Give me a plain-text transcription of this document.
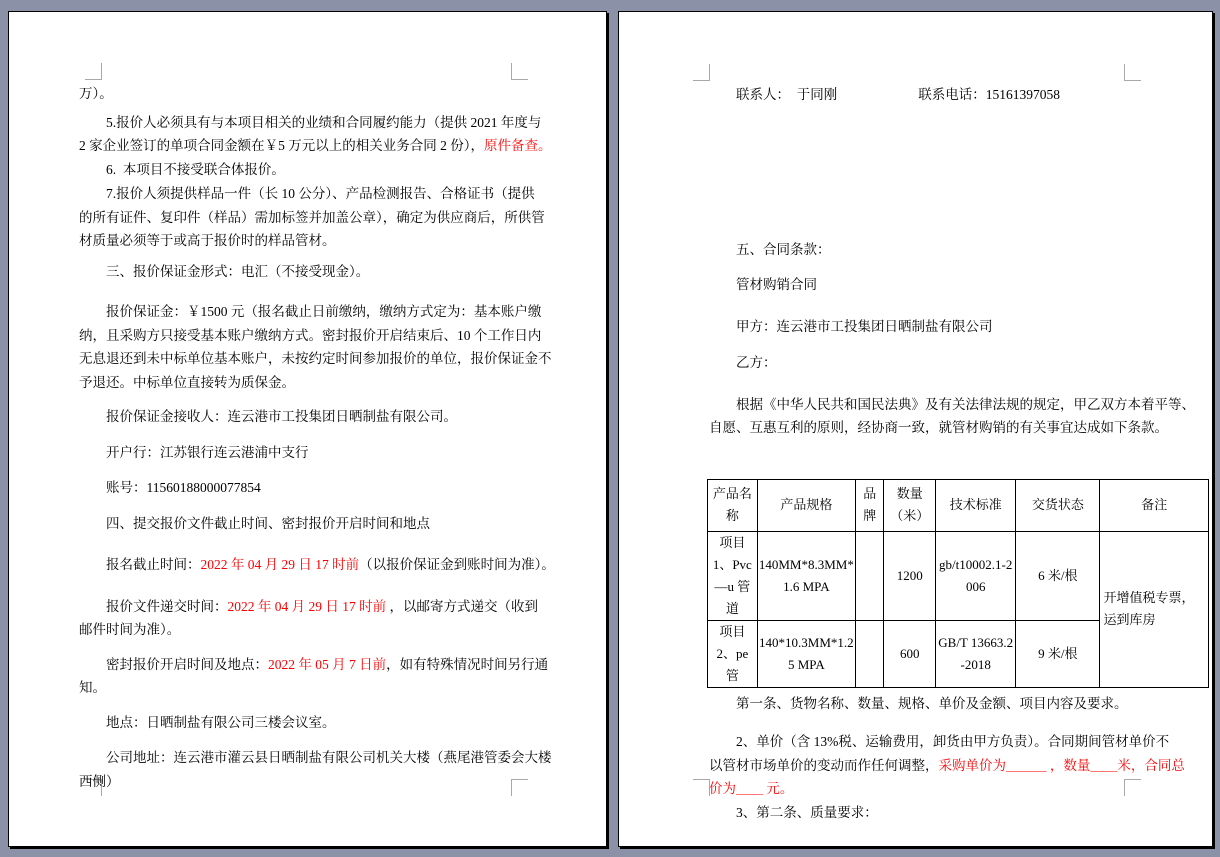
万）。
　　5.报价人必须具有与本项目相关的业绩和合同履约能力（提供 2021 年度与
2 家企业签订的单项合同金额在￥5 万元以上的相关业务合同 2 份），原件备查。
　　6.  本项目不接受联合体报价。
　　7.报价人须提供样品一件（长 10 公分）、产品检测报告、合格证书（提供
的所有证件、复印件（样品）需加标签并加盖公章），确定为供应商后，所供管
材质量必须等于或高于报价时的样品管材。
　　三、报价保证金形式：电汇（不接受现金）。
　　报价保证金：￥1500 元（报名截止日前缴纳，缴纳方式定为：基本账户缴
纳，且采购方只接受基本账户缴纳方式。密封报价开启结束后、10 个工作日内
无息退还到未中标单位基本账户，未按约定时间参加报价的单位，报价保证金不
予退还。中标单位直接转为质保金。
　　报价保证金接收人：连云港市工投集团日晒制盐有限公司。
　　开户行：江苏银行连云港浦中支行
　　账号：11560188000077854
　　四、提交报价文件截止时间、密封报价开启时间和地点
　　报名截止时间：2022 年 04 月 29 日 17 时前（以报价保证金到账时间为准）。
　　报价文件递交时间：2022 年 04 月 29 日 17 时前 ，以邮寄方式递交（收到
邮件时间为准）。
　　密封报价开启时间及地点：2022 年 05 月 7 日前，如有特殊情况时间另行通
知。
　　地点：日晒制盐有限公司三楼会议室。
　　公司地址：连云港市灌云县日晒制盐有限公司机关大楼（燕尾港管委会大楼
西侧）
　　联系人：　于同刚　　　　　　联系电话：15161397058
　　五、合同条款：
　　管材购销合同
　　甲方：连云港市工投集团日晒制盐有限公司
　　乙方：
　　根据《中华人民共和国民法典》及有关法律法规的规定，甲乙双方本着平等、
自愿、互惠互利的原则，经协商一致，就管材购销的有关事宜达成如下条款。
产品名称	产品规格	品牌	数量（米）	技术标准	交货状态	备注
项目 1、Pvc—u 管道	140MM*8.3MM*1.6 MPA		1200	gb/t10002.1-2006	6 米/根	开增值税专票，运到库房
项目 2、pe 管	140*10.3MM*1.25 MPA		600	GB/T 13663.2-2018	9 米/根	
　　第一条、货物名称、数量、规格、单价及金额、项目内容及要求。
　　2、单价（含 13%税、运输费用，卸货由甲方负责）。合同期间管材单价不
以管材市场单价的变动而作任何调整，采购单价为＿＿＿ ，数量＿＿米，合同总
价为＿＿ 元。
　　3、第二条、质量要求：
